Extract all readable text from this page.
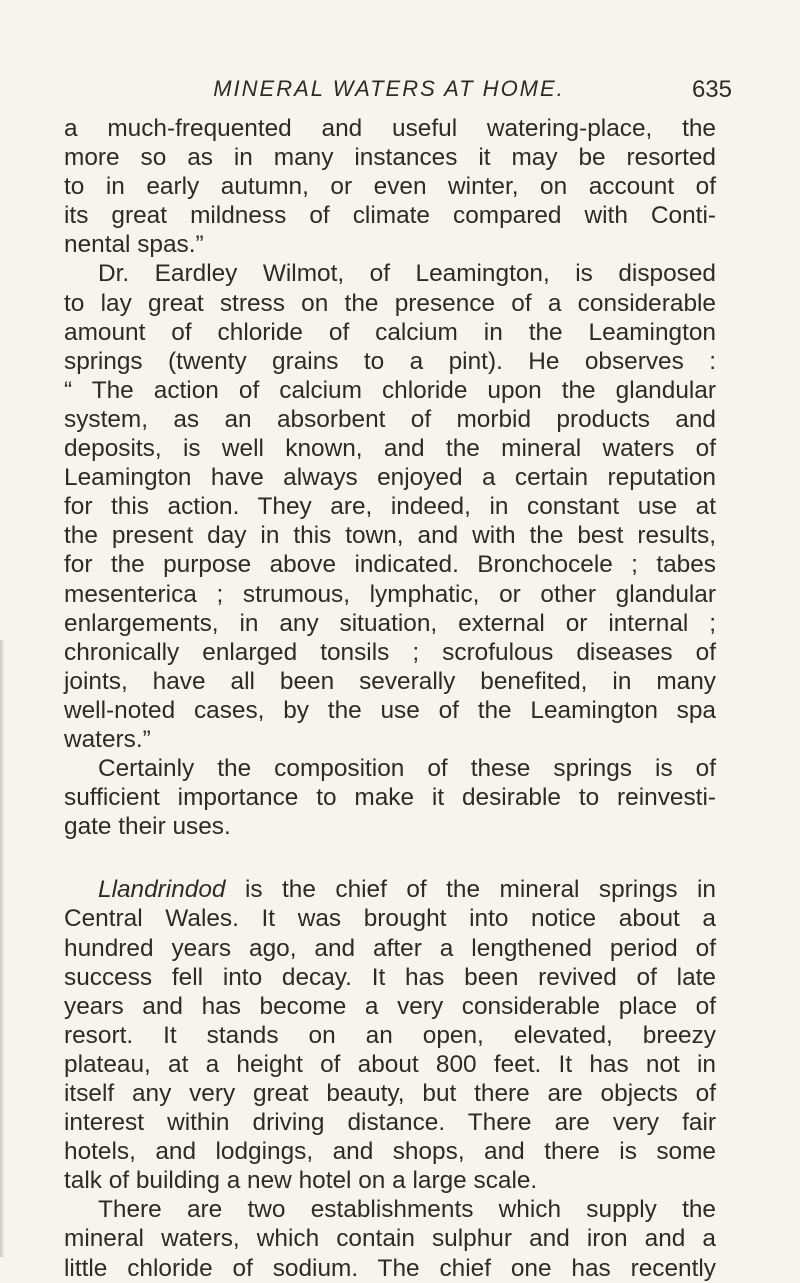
MINERAL WATERS AT HOME.	635

a much-frequented and useful watering-place, the
more so as in many instances it may be resorted
to in early autumn, or even winter, on account of
its great mildness of climate compared with Conti-
nental spas.”

Dr. Eardley Wilmot, of Leamington, is disposed
to lay great stress on the presence of a considerable
amount of chloride of calcium in the Leamington
springs (twenty grains to a pint). He observes :
“ The action of calcium chloride upon the glandular
system, as an absorbent of morbid products and
deposits, is well known, and the mineral waters of
Leamington have always enjoyed a certain reputation
for this action. They are, indeed, in constant use at
the present day in this town, and with the best results,
for the purpose above indicated. Bronchocele ; tabes
mesenterica ; strumous, lymphatic, or other glandular
enlargements, in any situation, external or internal ;
chronically enlarged tonsils ; scrofulous diseases of
joints, have all been severally benefited, in many
well-noted cases, by the use of the Leamington spa
waters.”

Certainly the composition of these springs is of
sufficient importance to make it desirable to reinvesti-
gate their uses.

Llandrindod is the chief of the mineral springs in
Central Wales. It was brought into notice about a
hundred years ago, and after a lengthened period of
success fell into decay. It has been revived of late
years and has become a very considerable place of
resort. It stands on an open, elevated, breezy
plateau, at a height of about 800 feet. It has not in
itself any very great beauty, but there are objects of
interest within driving distance. There are very fair
hotels, and lodgings, and shops, and there is some
talk of building a new hotel on a large scale.

There are two establishments which supply the
mineral waters, which contain sulphur and iron and a
little chloride of sodium. The chief one has recently
